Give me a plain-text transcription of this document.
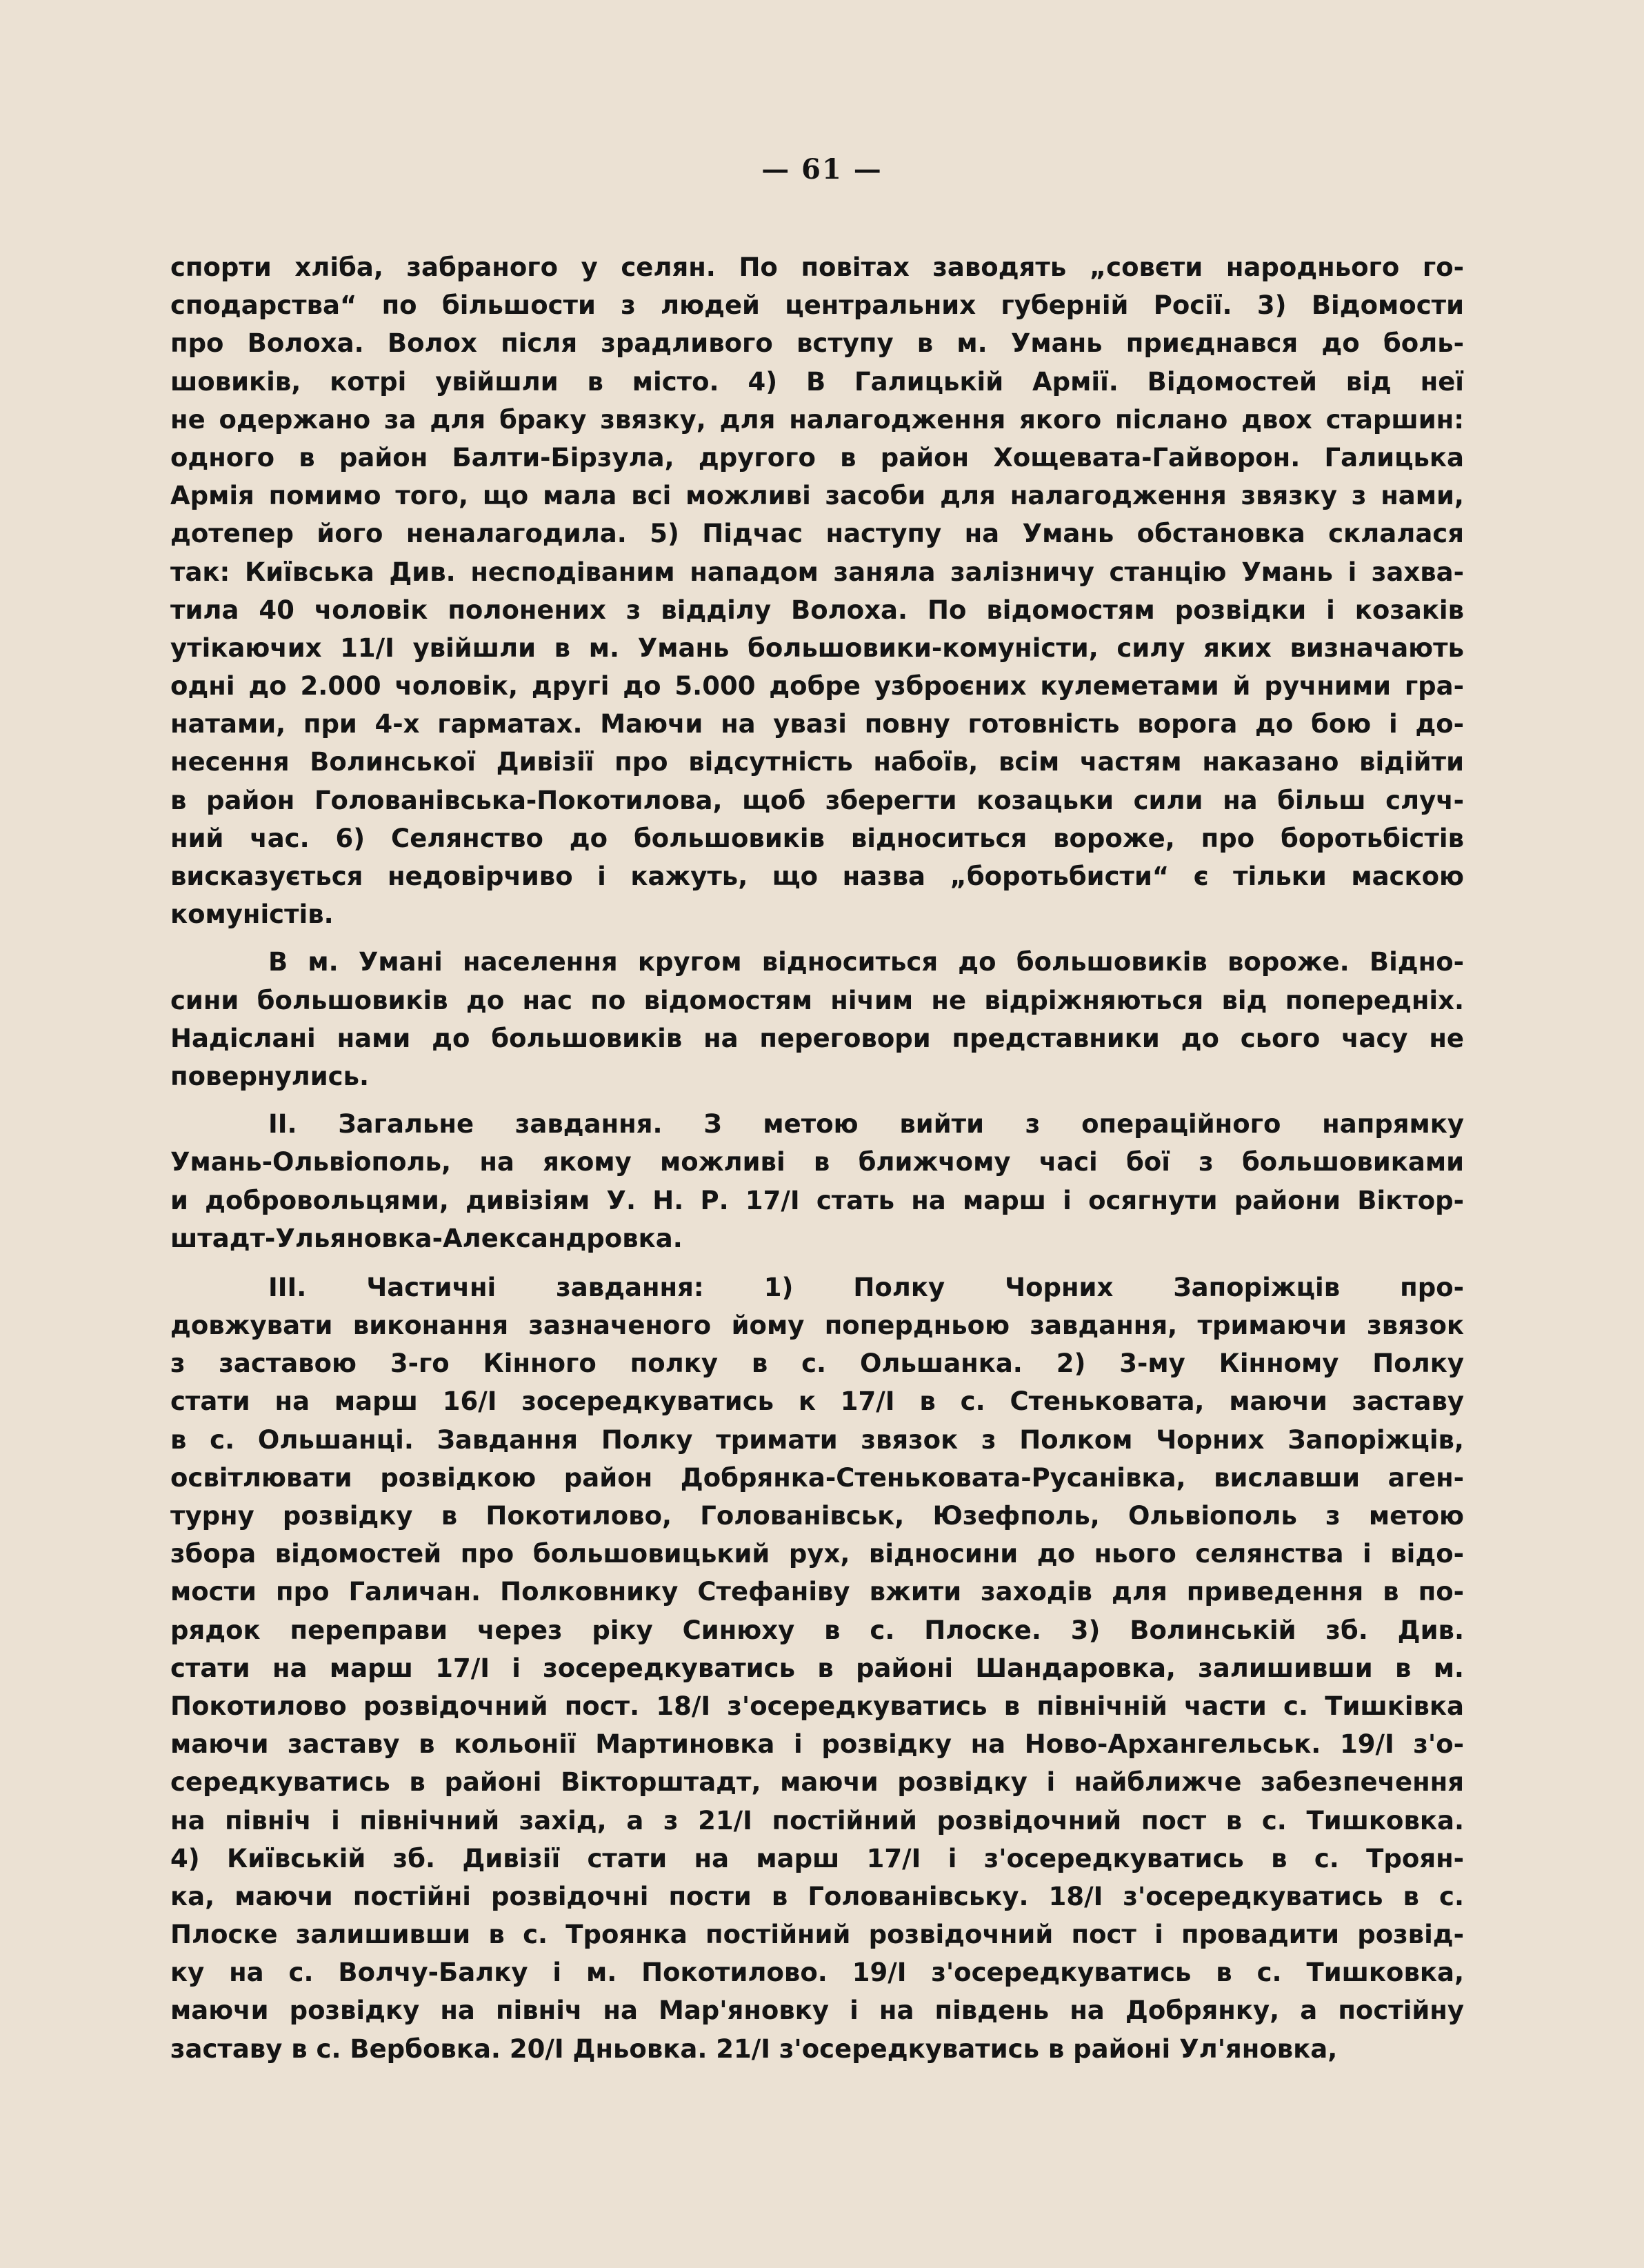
— 61 —
спорти хліба, забраного у селян. По повітах заводять „совєти народнього го-
сподарства“ по більшости з людей центральних губерній Росії. 3) Відомости
про Волоха. Волох після зрадливого вступу в м. Умань приєднався до боль-
шовиків, котрі увійшли в місто. 4) В Галицькій Армії. Відомостей від неї
не одержано за для браку звязку, для налагодження якого післано двох старшин:
одного в район Балти-Бірзула, другого в район Хощевата-Гайворон. Галицька
Армія помимо того, що мала всі можливі засоби для налагодження звязку з нами,
дотепер його неналагодила. 5) Підчас наступу на Умань обстановка склалася
так: Київська Див. несподіваним нападом заняла залізничу станцію Умань і захва-
тила 40 чоловік полонених з відділу Волоха. По відомостям розвідки і козаків
утікаючих 11/I увійшли в м. Умань большовики-комуністи, силу яких визначають
одні до 2.000 чоловік, другі до 5.000 добре узброєних кулеметами й ручними гра-
натами, при 4-х гарматах. Маючи на увазі повну готовність ворога до бою і до-
несення Волинської Дивізії про відсутність набоїв, всім частям наказано відійти
в район Голованівська-Покотилова, щоб зберегти козацьки сили на більш случ-
ний час. 6) Селянство до большовиків відноситься вороже, про боротьбістів
висказується недовірчиво і кажуть, що назва „боротьбисти“ є тільки маскою
комуністів.
В м. Умані населення кругом відноситься до большовиків вороже. Відно-
сини большовиків до нас по відомостям нічим не відріжняються від попередніх.
Надіслані нами до большовиків на переговори представники до сього часу не
повернулись.
II. Загальне завдання. З метою вийти з операційного напрямку
Умань-Ольвіополь, на якому можливі в ближчому часі бої з большовиками
и добровольцями, дивізіям У. Н. Р. 17/I стать на марш і осягнути райони Віктор-
штадт-Ульяновка-Александровка.
III. Частичні завдання: 1) Полку Чорних Запоріжців про-
довжувати виконання зазначеного йому попердньою завдання, тримаючи звязок
з заставою 3-го Кінного полку в с. Ольшанка. 2) 3-му Кінному Полку
стати на марш 16/I зосередкуватись к 17/I в с. Стеньковата, маючи заставу
в с. Ольшанці. Завдання Полку тримати звязок з Полком Чорних Запоріжців,
освітлювати розвідкою район Добрянка-Стеньковата-Русанівка, виславши аген-
турну розвідку в Покотилово, Голованівськ, Юзефполь, Ольвіополь з метою
збора відомостей про большовицький рух, відносини до нього селянства і відо-
мости про Галичан. Полковнику Стефаніву вжити заходів для приведення в по-
рядок переправи через ріку Синюху в с. Плоске. 3) Волинській зб. Див.
стати на марш 17/I і зосередкуватись в районі Шандаровка, залишивши в м.
Покотилово розвідочний пост. 18/I з'осередкуватись в північній части с. Тишківка
маючи заставу в кольонії Мартиновка і розвідку на Ново-Архангельськ. 19/I з'о-
середкуватись в районі Вікторштадт, маючи розвідку і найближче забезпечення
на північ і північний захід, а з 21/I постійний розвідочний пост в с. Тишковка.
4) Київській зб. Дивізії стати на марш 17/I і з'осередкуватись в с. Троян-
ка, маючи постійні розвідочні пости в Голованівську. 18/I з'осередкуватись в с.
Плоске залишивши в с. Троянка постійний розвідочний пост і провадити розвід-
ку на с. Волчу-Балку і м. Покотилово. 19/I з'осередкуватись в с. Тишковка,
маючи розвідку на північ на Мар'яновку і на південь на Добрянку, а постійну
заставу в с. Вербовка. 20/I Дньовка. 21/I з'осередкуватись в районі Ул'яновка,
